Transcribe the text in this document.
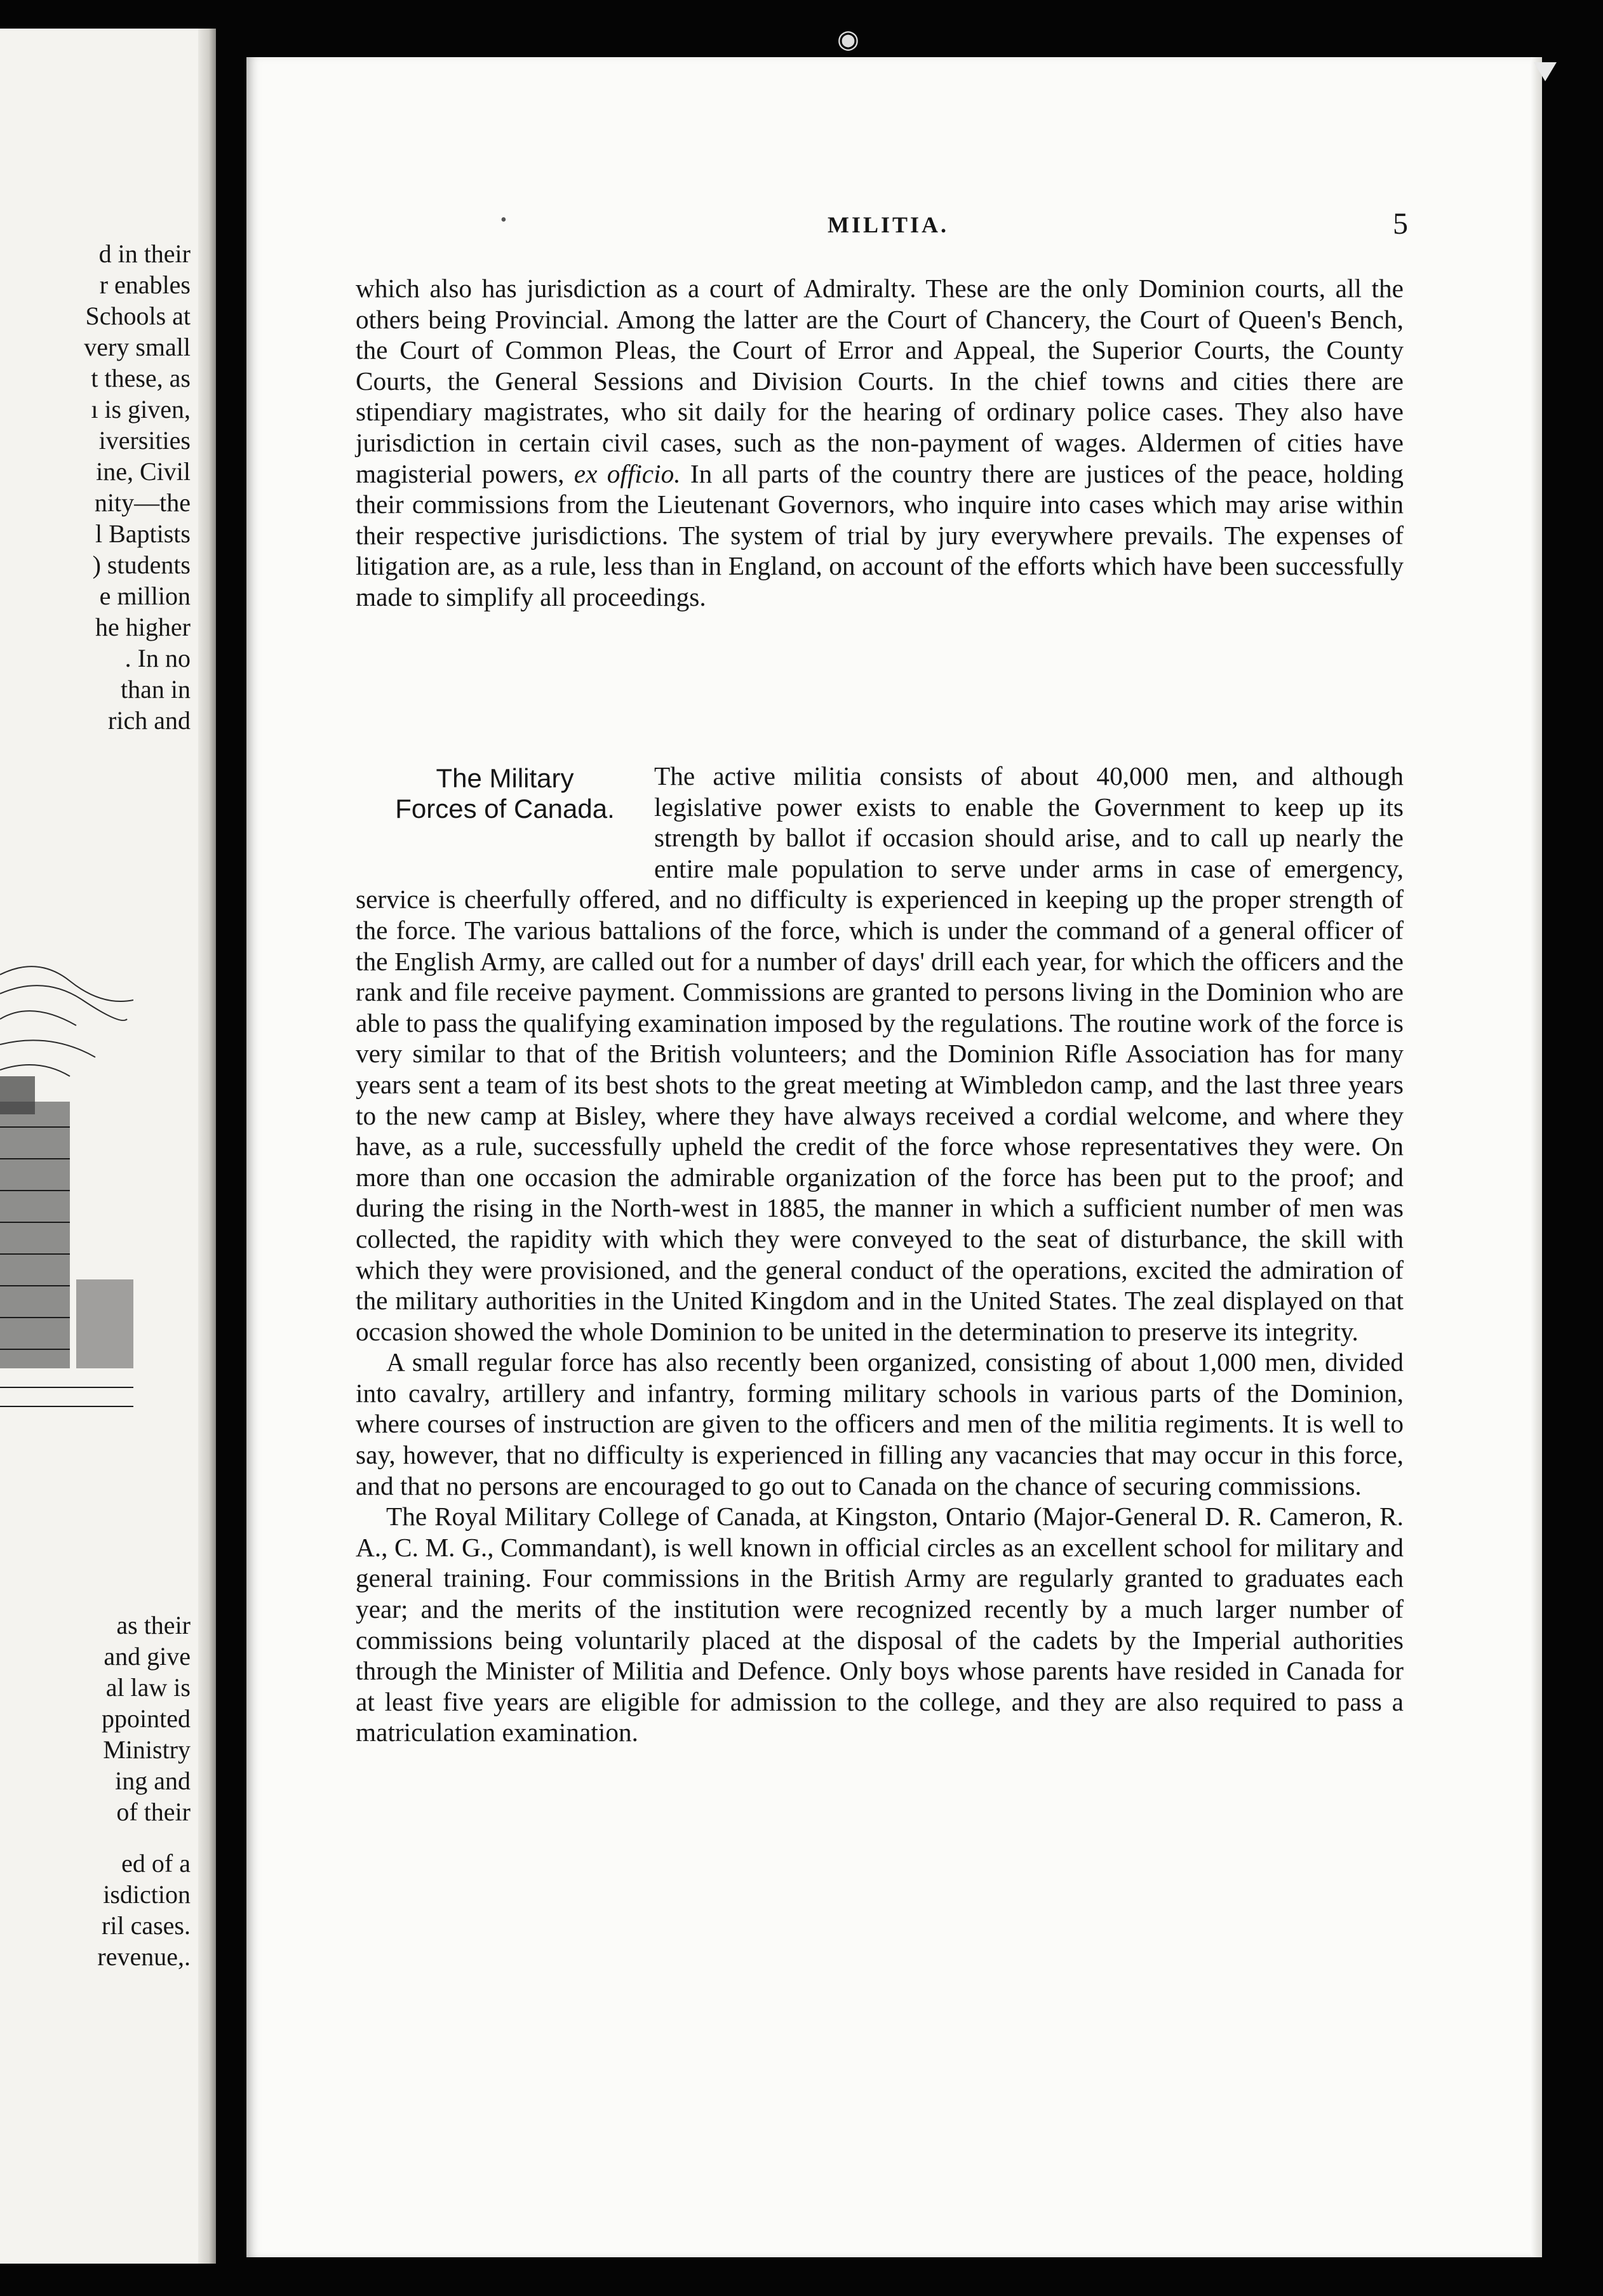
◉
d in their
r enables
Schools at
very small
t these, as
ı is given,
iversities
ine, Civil
nity—the
l Baptists
) students
e million
he higher
. In no
than in
rich and
as their
and give
al law is
ppointed
Ministry
ing and
of their
ed of a
isdiction
ril cases.
revenue,.
•	MILITIA.	5

which also has jurisdiction as a court of Admiralty. These are the only Dominion courts, all the others being Provincial. Among the latter are the Court of Chancery, the Court of Queen's Bench, the Court of Common Pleas, the Court of Error and Appeal, the Superior Courts, the County Courts, the General Sessions and Division Courts. In the chief towns and cities there are stipendiary magistrates, who sit daily for the hearing of ordinary police cases. They also have jurisdiction in certain civil cases, such as the non-payment of wages. Aldermen of cities have magisterial powers, ex officio. In all parts of the country there are justices of the peace, holding their commissions from the Lieutenant Governors, who inquire into cases which may arise within their respective jurisdictions. The system of trial by jury everywhere prevails. The expenses of litigation are, as a rule, less than in England, on account of the efforts which have been successfully made to simplify all proceedings.

The Military
Forces of Canada.

The active militia consists of about 40,000 men, and although legislative power exists to enable the Government to keep up its strength by ballot if occasion should arise, and to call up nearly the entire male population to serve under arms in case of emergency, service is cheerfully offered, and no difficulty is experienced in keeping up the proper strength of the force. The various battalions of the force, which is under the command of a general officer of the English Army, are called out for a number of days' drill each year, for which the officers and the rank and file receive payment. Commissions are granted to persons living in the Dominion who are able to pass the qualifying examination imposed by the regulations. The routine work of the force is very similar to that of the British volunteers; and the Dominion Rifle Association has for many years sent a team of its best shots to the great meeting at Wimbledon camp, and the last three years to the new camp at Bisley, where they have always received a cordial welcome, and where they have, as a rule, successfully upheld the credit of the force whose representatives they were. On more than one occasion the admirable organization of the force has been put to the proof; and during the rising in the North-west in 1885, the manner in which a sufficient number of men was collected, the rapidity with which they were conveyed to the seat of disturbance, the skill with which they were provisioned, and the general conduct of the operations, excited the admiration of the military authorities in the United Kingdom and in the United States. The zeal displayed on that occasion showed the whole Dominion to be united in the determination to preserve its integrity.

A small regular force has also recently been organized, consisting of about 1,000 men, divided into cavalry, artillery and infantry, forming military schools in various parts of the Dominion, where courses of instruction are given to the officers and men of the militia regiments. It is well to say, however, that no difficulty is experienced in filling any vacancies that may occur in this force, and that no persons are encouraged to go out to Canada on the chance of securing commissions.

The Royal Military College of Canada, at Kingston, Ontario (Major-General D. R. Cameron, R. A., C. M. G., Commandant), is well known in official circles as an excellent school for military and general training. Four commissions in the British Army are regularly granted to graduates each year; and the merits of the institution were recognized recently by a much larger number of commissions being voluntarily placed at the disposal of the cadets by the Imperial authorities through the Minister of Militia and Defence. Only boys whose parents have resided in Canada for at least five years are eligible for admission to the college, and they are also required to pass a matriculation examination.
